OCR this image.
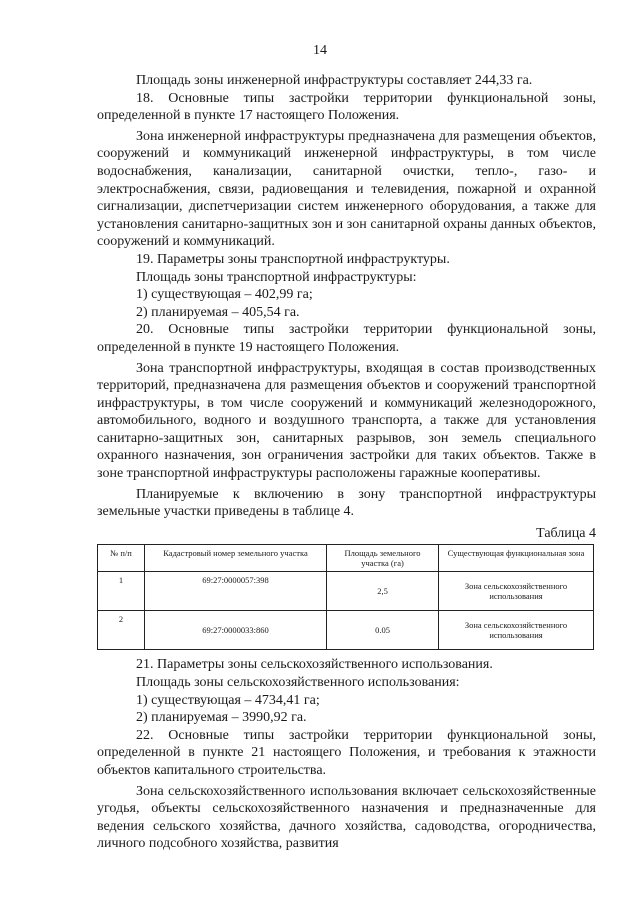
14

Площадь зоны инженерной инфраструктуры составляет 244,33 га.

18. Основные типы застройки территории функциональной зоны, определенной в пункте 17 настоящего Положения.

Зона инженерной инфраструктуры предназначена для размещения объектов, сооружений и коммуникаций инженерной инфраструктуры, в том числе водоснабжения, канализации, санитарной очистки, тепло-, газо- и электроснабжения, связи, радиовещания и телевидения, пожарной и охранной сигнализации, диспетчеризации систем инженерного оборудования, а также для установления санитарно-защитных зон и зон санитарной охраны данных объектов, сооружений и коммуникаций.

19. Параметры зоны транспортной инфраструктуры.

Площадь зоны транспортной инфраструктуры:

1) существующая – 402,99 га;

2) планируемая – 405,54 га.

20. Основные типы застройки территории функциональной зоны, определенной в пункте 19 настоящего Положения.

Зона транспортной инфраструктуры, входящая в состав производственных территорий, предназначена для размещения объектов и сооружений транспортной инфраструктуры, в том числе сооружений и коммуникаций железнодорожного, автомобильного, водного и воздушного транспорта, а также для установления санитарно-защитных зон, санитарных разрывов, зон земель специального охранного назначения, зон ограничения застройки для таких объектов. Также в зоне транспортной инфраструктуры расположены гаражные кооперативы.

Планируемые к включению в зону транспортной инфраструктуры земельные участки приведены в таблице 4.

Таблица 4
№ п/п	Кадастровый номер земельного участка	Площадь земельного участка (га)	Существующая функциональная зона
1	69:27:0000057:398	2,5	Зона сельскохозяйственного использования
2	69:27:0000033:860	0.05	Зона сельскохозяйственного использования

21. Параметры зоны сельскохозяйственного использования.

Площадь зоны сельскохозяйственного использования:

1) существующая – 4734,41 га;

2) планируемая – 3990,92 га.

22. Основные типы застройки территории функциональной зоны, определенной в пункте 21 настоящего Положения, и требования к этажности объектов капитального строительства.

Зона сельскохозяйственного использования включает сельскохозяйственные угодья, объекты сельскохозяйственного назначения и предназначенные для ведения сельского хозяйства, дачного хозяйства, садоводства, огородничества, личного подсобного хозяйства, развития
